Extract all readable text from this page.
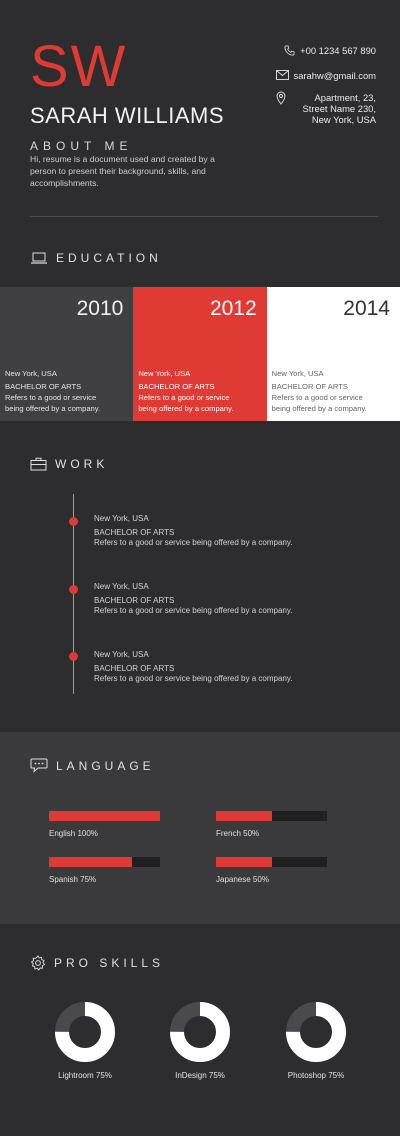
SW
SARAH WILLIAMS
ABOUT ME
Hi, resume is a document used and created by a person to present their background, skills, and accomplishments.
+00 1234 567 890
sarahw@gmail.com
Apartment, 23,
Street Name 230,
New York, USA
EDUCATION
2010
New York, USA
BACHELOR OF ARTS
Refers to a good or service
being offered by a company.
2012
New York, USA
BACHELOR OF ARTS
Refers to a good or service
being offered by a company.
2014
New York, USA
BACHELOR OF ARTS
Refers to a good or service
being offered by a company.
WORK
New York, USA
BACHELOR OF ARTS
Refers to a good or service being offered by a company.
New York, USA
BACHELOR OF ARTS
Refers to a good or service being offered by a company.
New York, USA
BACHELOR OF ARTS
Refers to a good or service being offered by a company.
LANGUAGE
English 100%	French 50%
Spanish 75%	Japanese 50%
PRO SKILLS
Lightroom 75%	InDesign 75%	Photoshop 75%
